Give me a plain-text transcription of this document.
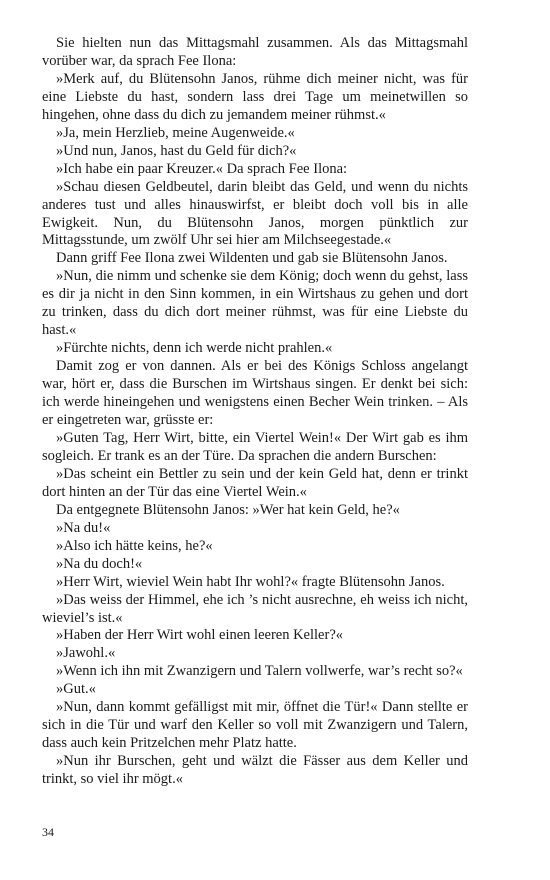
Sie hielten nun das Mittagsmahl zusammen. Als das Mittagsmahl vorüber war, da sprach Fee Ilona:

»Merk auf, du Blütensohn Janos, rühme dich meiner nicht, was für eine Liebste du hast, sondern lass drei Tage um meinetwillen so hingehen, ohne dass du dich zu jemandem meiner rühmst.«

»Ja, mein Herzlieb, meine Augenweide.«

»Und nun, Janos, hast du Geld für dich?«

»Ich habe ein paar Kreuzer.« Da sprach Fee Ilona:

»Schau diesen Geldbeutel, darin bleibt das Geld, und wenn du nichts anderes tust und alles hinauswirfst, er bleibt doch voll bis in alle Ewigkeit. Nun, du Blütensohn Janos, morgen pünktlich zur Mittagsstunde, um zwölf Uhr sei hier am Milchseegestade.«

Dann griff Fee Ilona zwei Wildenten und gab sie Blütensohn Janos.

»Nun, die nimm und schenke sie dem König; doch wenn du gehst, lass es dir ja nicht in den Sinn kommen, in ein Wirtshaus zu gehen und dort zu trinken, dass du dich dort meiner rühmst, was für eine Liebste du hast.«

»Fürchte nichts, denn ich werde nicht prahlen.«

Damit zog er von dannen. Als er bei des Königs Schloss angelangt war, hört er, dass die Burschen im Wirtshaus singen. Er denkt bei sich: ich werde hineingehen und wenigstens einen Becher Wein trinken. – Als er eingetreten war, grüsste er:

»Guten Tag, Herr Wirt, bitte, ein Viertel Wein!« Der Wirt gab es ihm sogleich. Er trank es an der Türe. Da sprachen die andern Burschen:

»Das scheint ein Bettler zu sein und der kein Geld hat, denn er trinkt dort hinten an der Tür das eine Viertel Wein.«

Da entgegnete Blütensohn Janos: »Wer hat kein Geld, he?«

»Na du!«

»Also ich hätte keins, he?«

»Na du doch!«

»Herr Wirt, wieviel Wein habt Ihr wohl?« fragte Blütensohn Janos.

»Das weiss der Himmel, ehe ich ’s nicht ausrechne, eh weiss ich nicht, wieviel’s ist.«

»Haben der Herr Wirt wohl einen leeren Keller?«

»Jawohl.«

»Wenn ich ihn mit Zwanzigern und Talern vollwerfe, war’s recht so?«

»Gut.«

»Nun, dann kommt gefälligst mit mir, öffnet die Tür!« Dann stellte er sich in die Tür und warf den Keller so voll mit Zwanzigern und Talern, dass auch kein Pritzelchen mehr Platz hatte.

»Nun ihr Burschen, geht und wälzt die Fässer aus dem Keller und trinkt, so viel ihr mögt.«

34
